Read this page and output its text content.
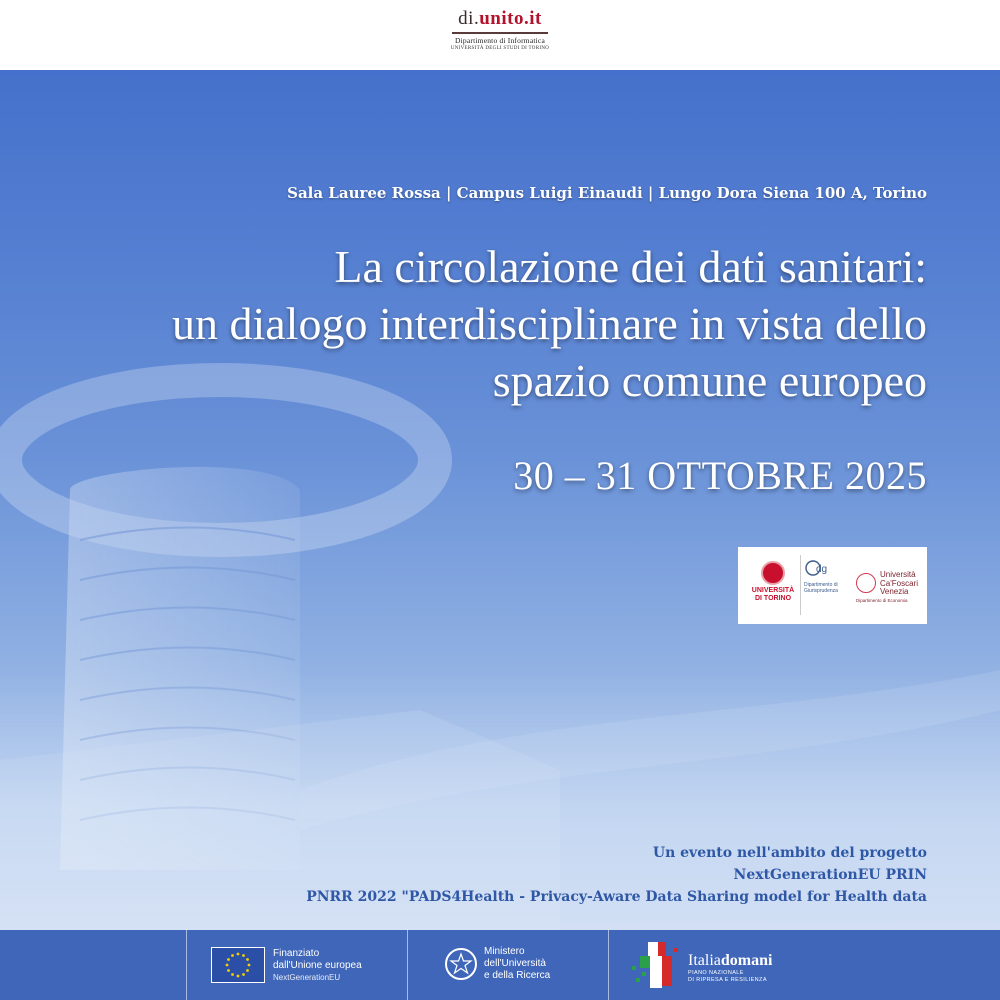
di.unito.it
Dipartimento di Informatica
UNIVERSITÀ DEGLI STUDI DI TORINO
Sala Lauree Rossa | Campus Luigi Einaudi | Lungo Dora Siena 100 A, Torino
La circolazione dei dati sanitari:
un dialogo interdisciplinare in vista dello
spazio comune europeo
30 – 31 OTTOBRE 2025
UNIVERSITÀ DI TORINO
dg
Dipartimento di Giurisprudenza
Università Ca'Foscari Venezia
Dipartimento di Economia
Un evento nell'ambito del progetto
NextGenerationEU PRIN
PNRR 2022 "PADS4Health - Privacy-Aware Data Sharing model for Health data
Finanziato
dall'Unione europea
NextGenerationEU
Ministero
dell'Università
e della Ricerca
Italiadomani
PIANO NAZIONALE
DI RIPRESA E RESILIENZA
